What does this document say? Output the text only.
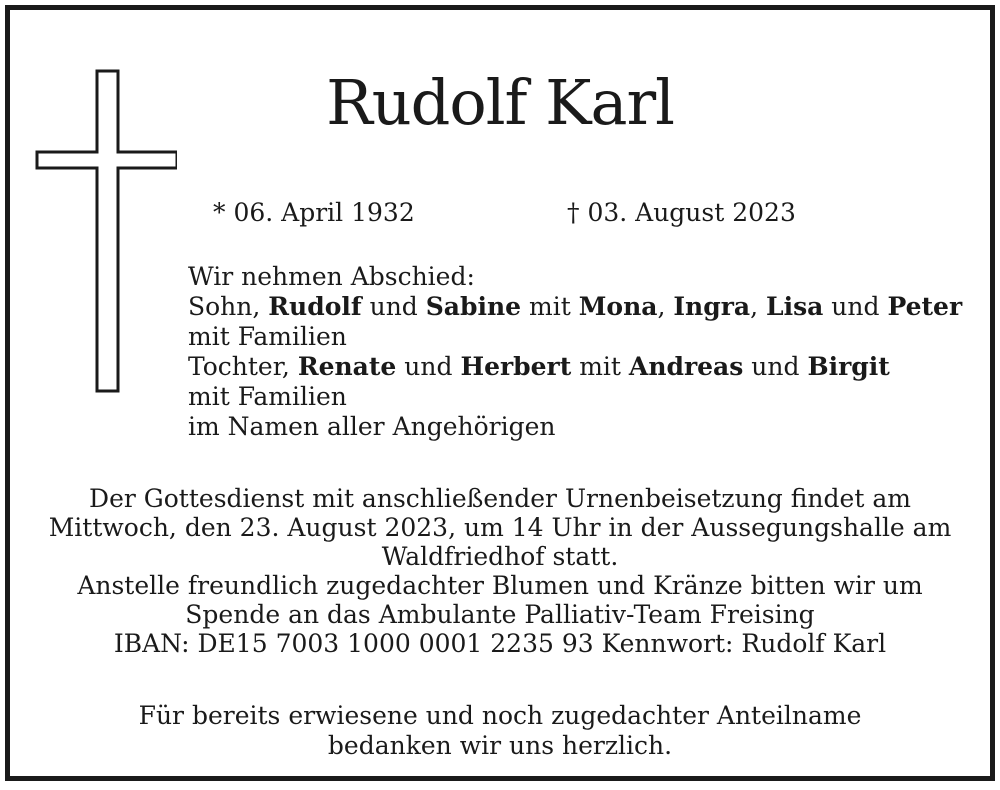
Rudolf Karl
* 06. April 1932	† 03. August 2023
Wir nehmen Abschied:
Sohn, Rudolf und Sabine mit Mona, Ingra, Lisa und Peter
mit Familien
Tochter, Renate und Herbert mit Andreas und Birgit
mit Familien
im Namen aller Angehörigen
Der Gottesdienst mit anschließender Urnenbeisetzung findet am
Mittwoch, den 23. August 2023, um 14 Uhr in der Aussegungshalle am
Waldfriedhof statt.
Anstelle freundlich zugedachter Blumen und Kränze bitten wir um
Spende an das Ambulante Palliativ-Team Freising
IBAN: DE15 7003 1000 0001 2235 93 Kennwort: Rudolf Karl
Für bereits erwiesene und noch zugedachter Anteilname
bedanken wir uns herzlich.
